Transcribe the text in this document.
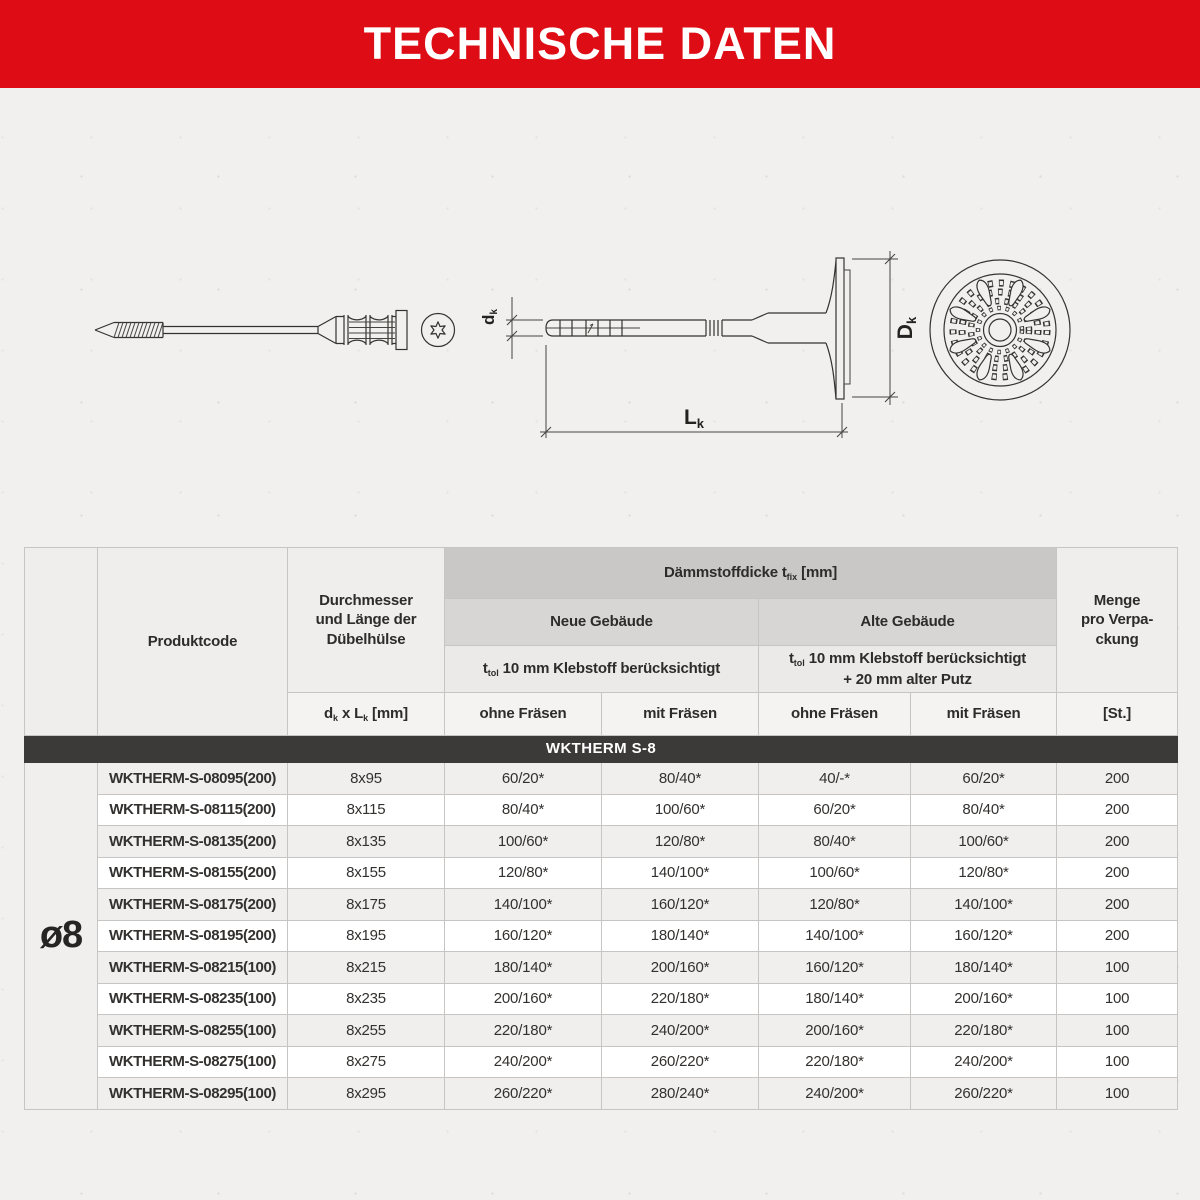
TECHNISCHE DATEN
dk
Dk
Lk
	Produktcode	Durchmesser
und Länge der
Dübelhülse	Dämmstoffdicke $t_{fix}$ [mm]				Menge
pro Verpa-
ckung

			Neue Gebäude		Alte Gebäude		
			$t_{tol}$ 10 mm Klebstoff berücksichtigt		$t_{tol}$ 10 mm Klebstoff berücksichtigt
+ 20 mm alter Putz		

		$d_k$ x $L_k$ [mm]	ohne Fräsen	mit Fräsen	ohne Fräsen	mit Fräsen	[St.]
WKTHERM S-8							
ø8	WKTHERM-S-08095(200)	8x95	60/20*	80/40*	40/-*	60/20*	200
	WKTHERM-S-08115(200)	8x115	80/40*	100/60*	60/20*	80/40*	200
	WKTHERM-S-08135(200)	8x135	100/60*	120/80*	80/40*	100/60*	200
	WKTHERM-S-08155(200)	8x155	120/80*	140/100*	100/60*	120/80*	200
	WKTHERM-S-08175(200)	8x175	140/100*	160/120*	120/80*	140/100*	200
	WKTHERM-S-08195(200)	8x195	160/120*	180/140*	140/100*	160/120*	200
	WKTHERM-S-08215(100)	8x215	180/140*	200/160*	160/120*	180/140*	100
	WKTHERM-S-08235(100)	8x235	200/160*	220/180*	180/140*	200/160*	100
	WKTHERM-S-08255(100)	8x255	220/180*	240/200*	200/160*	220/180*	100
	WKTHERM-S-08275(100)	8x275	240/200*	260/220*	220/180*	240/200*	100
	WKTHERM-S-08295(100)	8x295	260/220*	280/240*	240/200*	260/220*	100
